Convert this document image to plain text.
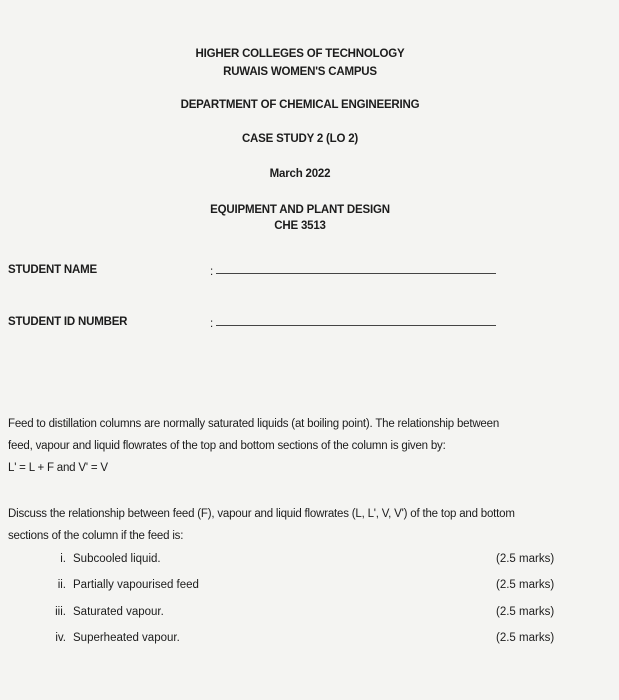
HIGHER COLLEGES OF TECHNOLOGY
RUWAIS WOMEN'S CAMPUS
DEPARTMENT OF CHEMICAL ENGINEERING
CASE STUDY 2 (LO 2)
March 2022
EQUIPMENT AND PLANT DESIGN
CHE 3513
STUDENT NAME	:
STUDENT ID NUMBER	:
Feed to distillation columns are normally saturated liquids (at boiling point). The relationship between
feed, vapour and liquid flowrates of the top and bottom sections of the column is given by:
L' = L + F and V' = V
Discuss the relationship between feed (F), vapour and liquid flowrates (L, L', V, V') of the top and bottom
sections of the column if the feed is:
i. Subcooled liquid.	(2.5 marks)
ii. Partially vapourised feed	(2.5 marks)
iii. Saturated vapour.	(2.5 marks)
iv. Superheated vapour.	(2.5 marks)
